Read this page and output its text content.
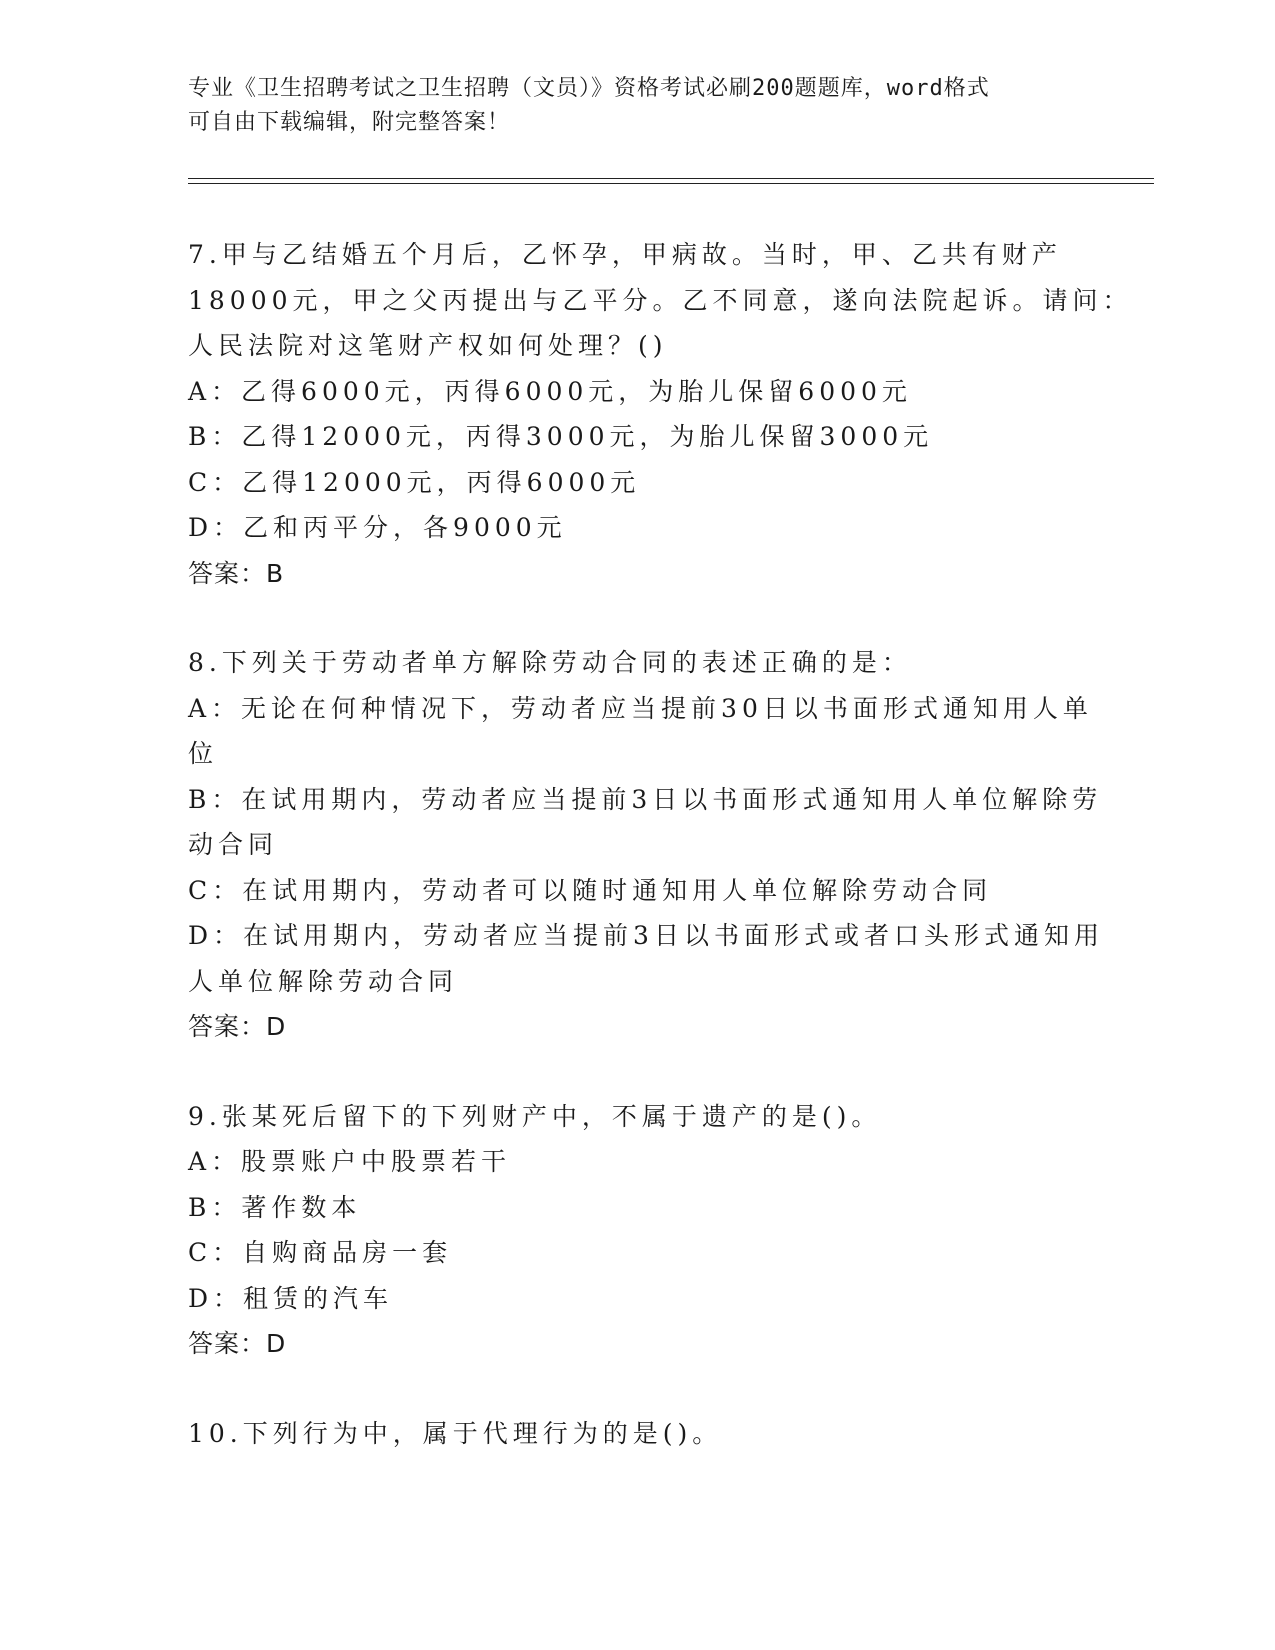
专业《卫生招聘考试之卫生招聘（文员）》资格考试必刷200题题库，word格式
可自由下载编辑，附完整答案！
7.甲与乙结婚五个月后，乙怀孕，甲病故。当时，甲、乙共有财产
18000元，甲之父丙提出与乙平分。乙不同意，遂向法院起诉。请问：
人民法院对这笔财产权如何处理？()
A：乙得6000元，丙得6000元，为胎儿保留6000元
B：乙得12000元，丙得3000元，为胎儿保留3000元
C：乙得12000元，丙得6000元
D：乙和丙平分，各9000元
答案：B
8.下列关于劳动者单方解除劳动合同的表述正确的是：
A：无论在何种情况下，劳动者应当提前30日以书面形式通知用人单
位
B：在试用期内，劳动者应当提前3日以书面形式通知用人单位解除劳
动合同
C：在试用期内，劳动者可以随时通知用人单位解除劳动合同
D：在试用期内，劳动者应当提前3日以书面形式或者口头形式通知用
人单位解除劳动合同
答案：D
9.张某死后留下的下列财产中，不属于遗产的是()。
A：股票账户中股票若干
B：著作数本
C：自购商品房一套
D：租赁的汽车
答案：D
10.下列行为中，属于代理行为的是()。
